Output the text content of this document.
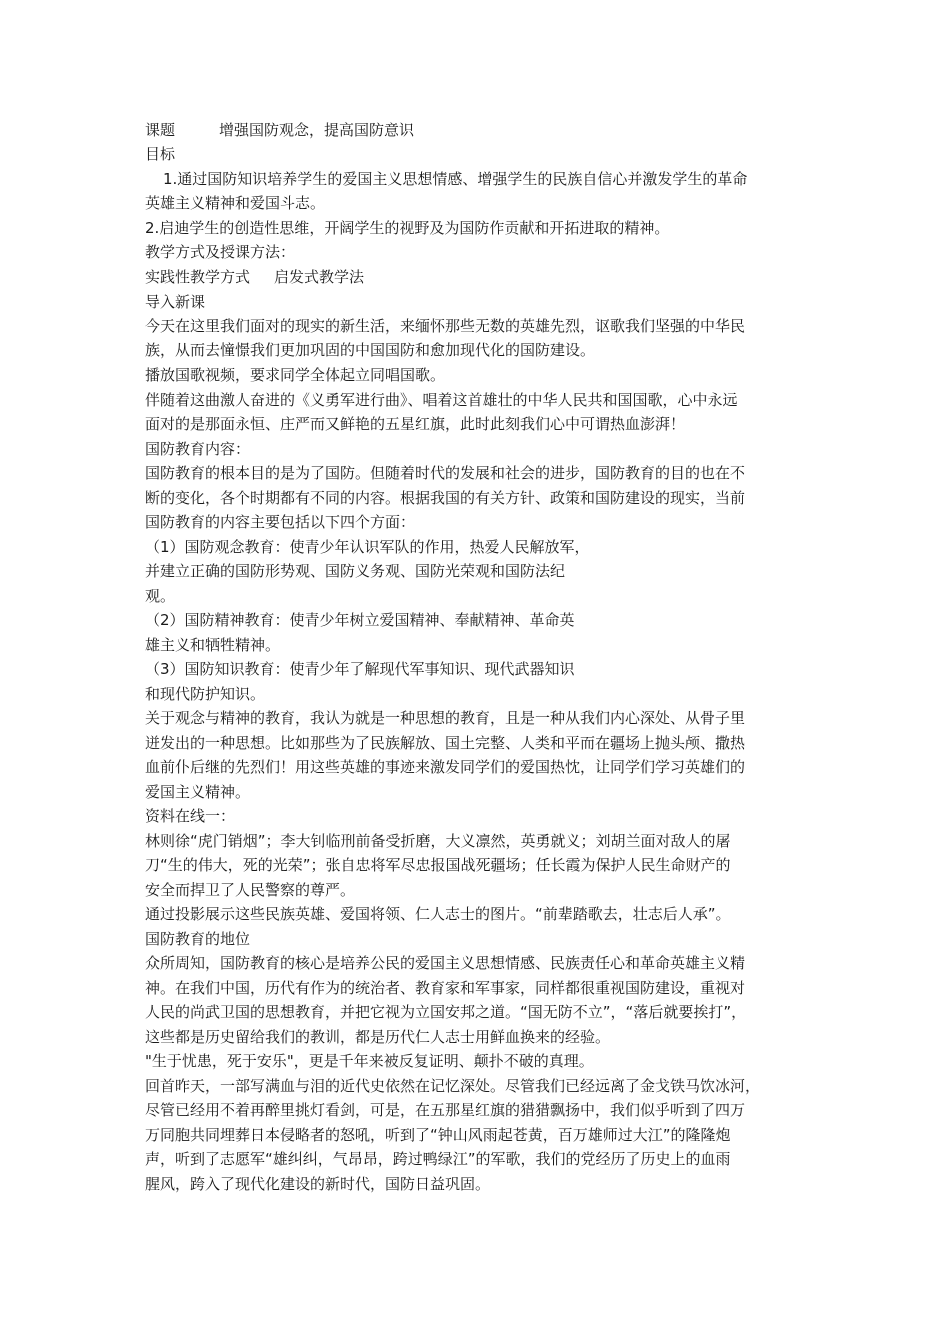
课题	增强国防观念，提高国防意识

目标

1.通过国防知识培养学生的爱国主义思想情感、增强学生的民族自信心并激发学生的革命

英雄主义精神和爱国斗志。

2.启迪学生的创造性思维，开阔学生的视野及为国防作贡献和开拓进取的精神。

教学方式及授课方法：

实践性教学方式 启发式教学法

导入新课

今天在这里我们面对的现实的新生活，来缅怀那些无数的英雄先烈，讴歌我们坚强的中华民

族，从而去憧憬我们更加巩固的中国国防和愈加现代化的国防建设。

播放国歌视频，要求同学全体起立同唱国歌。

伴随着这曲激人奋进的《义勇军进行曲》、唱着这首雄壮的中华人民共和国国歌，心中永远

面对的是那面永恒、庄严而又鲜艳的五星红旗，此时此刻我们心中可谓热血澎湃！

国防教育内容：

国防教育的根本目的是为了国防。但随着时代的发展和社会的进步，国防教育的目的也在不

断的变化，各个时期都有不同的内容。根据我国的有关方针、政策和国防建设的现实，当前

国防教育的内容主要包括以下四个方面：

（1）国防观念教育：使青少年认识军队的作用，热爱人民解放军，

并建立正确的国防形势观、国防义务观、国防光荣观和国防法纪

观。

（2）国防精神教育：使青少年树立爱国精神、奉献精神、革命英

雄主义和牺牲精神。

（3）国防知识教育：使青少年了解现代军事知识、现代武器知识

和现代防护知识。

关于观念与精神的教育，我认为就是一种思想的教育，且是一种从我们内心深处、从骨子里

迸发出的一种思想。比如那些为了民族解放、国土完整、人类和平而在疆场上抛头颅、撒热

血前仆后继的先烈们！用这些英雄的事迹来激发同学们的爱国热忱，让同学们学习英雄们的

爱国主义精神。

资料在线一：

林则徐“虎门销烟”；李大钊临刑前备受折磨，大义凛然，英勇就义；刘胡兰面对敌人的屠

刀“生的伟大，死的光荣”；张自忠将军尽忠报国战死疆场；任长霞为保护人民生命财产的

安全而捍卫了人民警察的尊严。

通过投影展示这些民族英雄、爱国将领、仁人志士的图片。“前辈踏歌去，壮志后人承”。

国防教育的地位

众所周知，国防教育的核心是培养公民的爱国主义思想情感、民族责任心和革命英雄主义精

神。在我们中国，历代有作为的统治者、教育家和军事家，同样都很重视国防建设，重视对

人民的尚武卫国的思想教育，并把它视为立国安邦之道。“国无防不立”，“落后就要挨打”，

这些都是历史留给我们的教训，都是历代仁人志士用鲜血换来的经验。

"生于忧患，死于安乐"，更是千年来被反复证明、颠扑不破的真理。

回首昨天，一部写满血与泪的近代史依然在记忆深处。尽管我们已经远离了金戈铁马饮冰河，

尽管已经用不着再醉里挑灯看剑，可是，在五那星红旗的猎猎飘扬中，我们似乎听到了四万

万同胞共同埋葬日本侵略者的怒吼，听到了“钟山风雨起苍黄，百万雄师过大江”的隆隆炮

声，听到了志愿军“雄纠纠，气昂昂，跨过鸭绿江”的军歌，我们的党经历了历史上的血雨

腥风，跨入了现代化建设的新时代，国防日益巩固。
